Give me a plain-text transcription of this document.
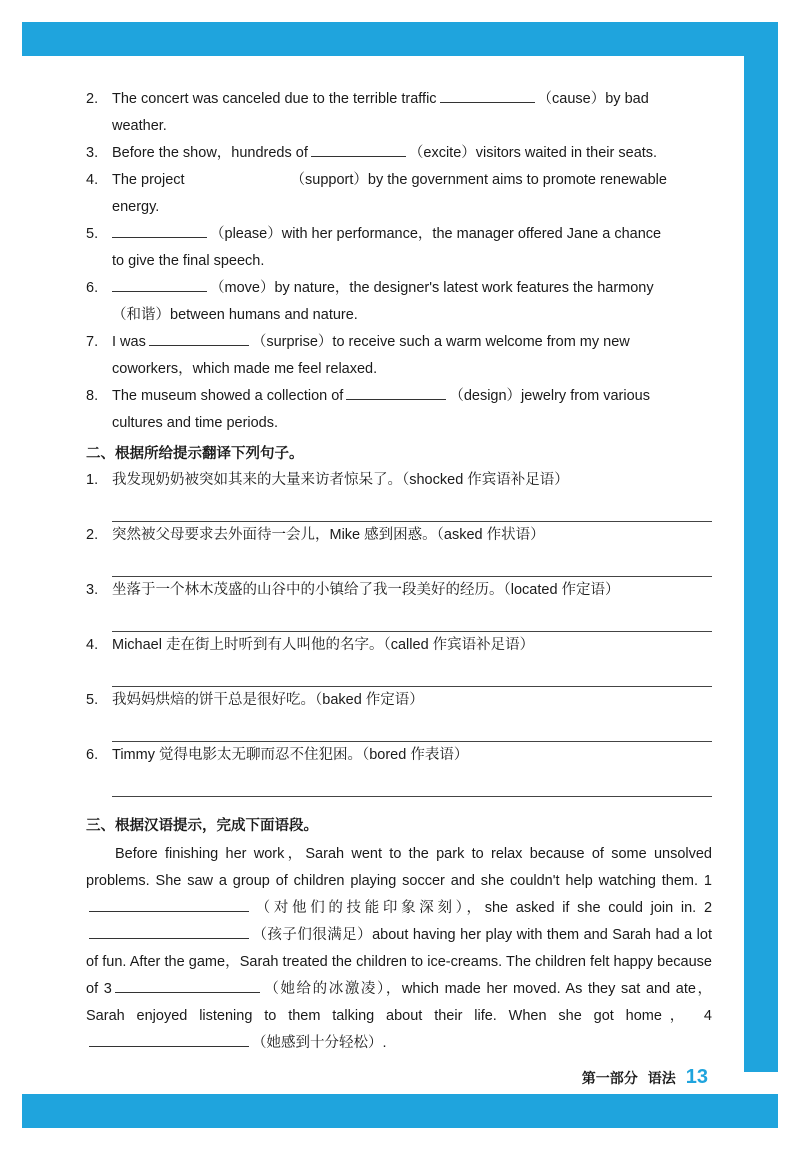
2. The concert was canceled due to the terrible traffic	（cause）by bad
weather.
3. Before the show，hundreds of	（excite）visitors waited in their seats.
4. The project	（support）by the government aims to promote renewable
energy.
5.	（please）with her performance，the manager offered Jane a chance
to give the final speech.
6.	（move）by nature，the designer's latest work features the harmony
（和谐）between humans and nature.
7. I was	（surprise）to receive such a warm welcome from my new
coworkers，which made me feel relaxed.
8. The museum showed a collection of	（design）jewelry from various
cultures and time periods.
二、根据所给提示翻译下列句子。
1. 我发现奶奶被突如其来的大量来访者惊呆了。（shocked 作宾语补足语）
2. 突然被父母要求去外面待一会儿，Mike 感到困惑。（asked 作状语）
3. 坐落于一个林木茂盛的山谷中的小镇给了我一段美好的经历。（located 作定语）
4. Michael 走在街上时听到有人叫他的名字。（called 作宾语补足语）
5. 我妈妈烘焙的饼干总是很好吃。（baked 作定语）
6. Timmy 觉得电影太无聊而忍不住犯困。（bored 作表语）
三、根据汉语提示，完成下面语段。
Before finishing her work，Sarah went to the park to relax because of some unsolved problems. She saw a group of children playing soccer and she couldn't help watching them. 1（对他们的技能印象深刻），she asked if she could join in. 2（孩子们很满足）about having her play with them and Sarah had a lot of fun. After the game，Sarah treated the children to ice-creams. The children felt happy because of 3	（她给的冰激凌），which made her moved. As they sat and ate，Sarah enjoyed listening to them talking about their life. When she got home， 4（她感到十分轻松）.
第一部分 语法 13
